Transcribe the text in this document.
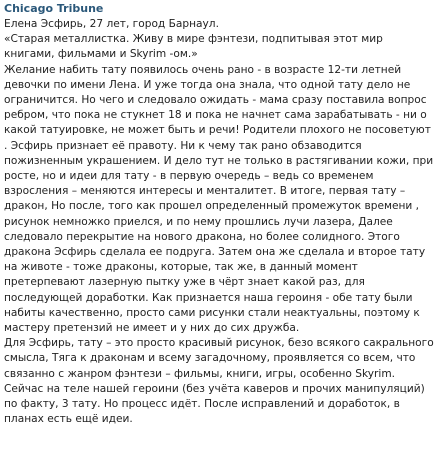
Chicago Tribune

Елена Эсфирь, 27 лет, город Барнаул.

«Старая металлистка. Живу в мире фэнтези, подпитывая этот мир книгами, фильмами и Skyrim -ом.»

Желание набить тату появилось очень рано - в возрасте 12-ти летней девочки по имени Лена. И уже тогда она знала, что одной тату дело не ограничится. Но чего и следовало ожидать - мама сразу поставила вопрос ребром, что пока не стукнет 18 и пока не начнет сама зарабатывать - ни о какой татуировке, не может быть и речи! Родители плохого не посоветуют . Эсфирь признает её правоту. Ни к чему так рано обзаводится пожизненным украшением. И дело тут не только в растягивании кожи, при росте, но и идеи для тату - в первую очередь – ведь со временем взросления – меняются интересы и менталитет. В итоге, первая тату – дракон, Но после, того как прошел определенный промежуток времени , рисунок немножко приелся, и по нему прошлись лучи лазера, Далее следовало перекрытие на нового дракона, но более солидного. Этого дракона Эсфирь сделала ее подруга. Затем она же сделала и второе тату на животе - тоже драконы, которые, так же, в данный момент претерпевают лазерную пытку уже в чёрт знает какой раз, для последующей доработки. Как признается наша героиня - обе тату были набиты качественно, просто сами рисунки стали неактуальны, поэтому к мастеру претензий не имеет и у них до сих дружба.

Для Эсфирь, тату – это просто красивый рисунок, безо всякого сакрального смысла, Тяга к драконам и всему загадочному, проявляется со всем, что связанно с жанром фэнтези – фильмы, книги, игры, особенно Skyrim.

Сейчас на теле нашей героини (без учёта каверов и прочих манипуляций) по факту, 3 тату. Но процесс идёт. После исправлений и доработок, в планах есть ещё идеи.
